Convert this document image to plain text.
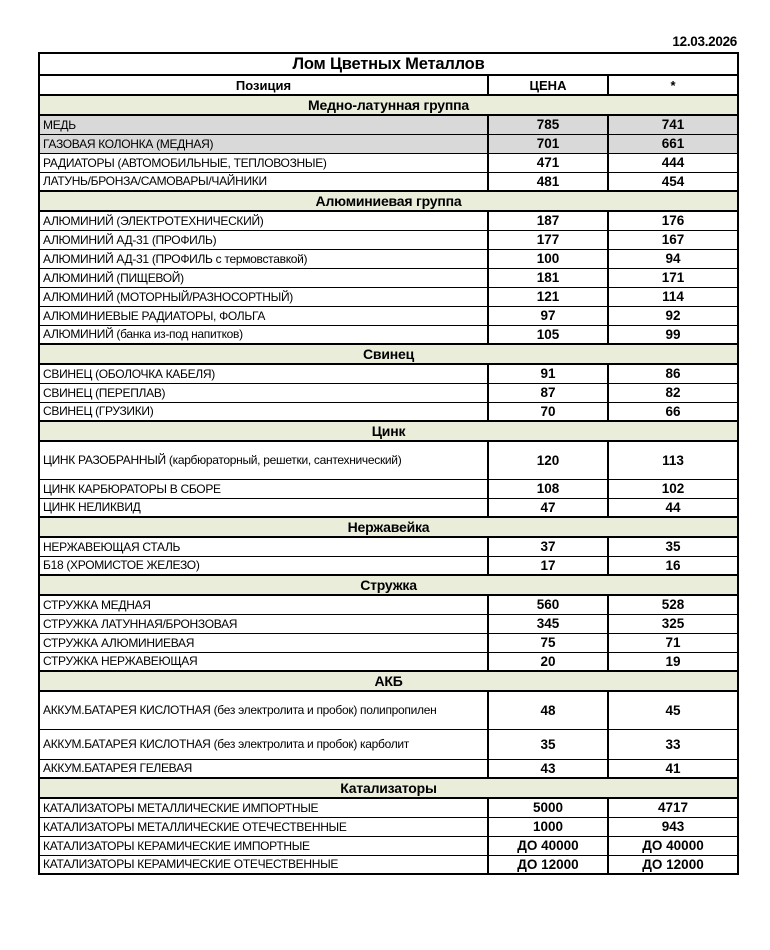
12.03.2026
Лом Цветных Металлов		
Позиция	ЦЕНА	*
Медно-латунная группа		
МЕДЬ	785	741
ГАЗОВАЯ КОЛОНКА (МЕДНАЯ)	701	661
РАДИАТОРЫ (АВТОМОБИЛЬНЫЕ, ТЕПЛОВОЗНЫЕ)	471	444
ЛАТУНЬ/БРОНЗА/САМОВАРЫ/ЧАЙНИКИ	481	454
Алюминиевая группа		
АЛЮМИНИЙ (ЭЛЕКТРОТЕХНИЧЕСКИЙ)	187	176
АЛЮМИНИЙ АД-31 (ПРОФИЛЬ)	177	167
АЛЮМИНИЙ АД-31 (ПРОФИЛЬ с термовставкой)	100	94
АЛЮМИНИЙ (ПИЩЕВОЙ)	181	171
АЛЮМИНИЙ (МОТОРНЫЙ/РАЗНОСОРТНЫЙ)	121	114
АЛЮМИНИЕВЫЕ РАДИАТОРЫ, ФОЛЬГА	97	92
АЛЮМИНИЙ (банка из-под напитков)	105	99
Свинец		
СВИНЕЦ (ОБОЛОЧКА КАБЕЛЯ)	91	86
СВИНЕЦ (ПЕРЕПЛАВ)	87	82
СВИНЕЦ (ГРУЗИКИ)	70	66
Цинк		
ЦИНК РАЗОБРАННЫЙ (карбюраторный, решетки, сантехнический)	120	113
ЦИНК КАРБЮРАТОРЫ В СБОРЕ	108	102
ЦИНК НЕЛИКВИД	47	44
Нержавейка		
НЕРЖАВЕЮЩАЯ СТАЛЬ	37	35
Б18 (ХРОМИСТОЕ ЖЕЛЕЗО)	17	16
Стружка		
СТРУЖКА МЕДНАЯ	560	528
СТРУЖКА ЛАТУННАЯ/БРОНЗОВАЯ	345	325
СТРУЖКА АЛЮМИНИЕВАЯ	75	71
СТРУЖКА НЕРЖАВЕЮЩАЯ	20	19
АКБ		
АККУМ.БАТАРЕЯ КИСЛОТНАЯ (без электролита и пробок) полипропилен	48	45
АККУМ.БАТАРЕЯ КИСЛОТНАЯ (без электролита и пробок) карболит	35	33
АККУМ.БАТАРЕЯ ГЕЛЕВАЯ	43	41
Катализаторы		
КАТАЛИЗАТОРЫ МЕТАЛЛИЧЕСКИЕ ИМПОРТНЫЕ	5000	4717
КАТАЛИЗАТОРЫ МЕТАЛЛИЧЕСКИЕ ОТЕЧЕСТВЕННЫЕ	1000	943
КАТАЛИЗАТОРЫ КЕРАМИЧЕСКИЕ ИМПОРТНЫЕ	ДО 40000	ДО 40000
КАТАЛИЗАТОРЫ КЕРАМИЧЕСКИЕ ОТЕЧЕСТВЕННЫЕ	ДО 12000	ДО 12000
